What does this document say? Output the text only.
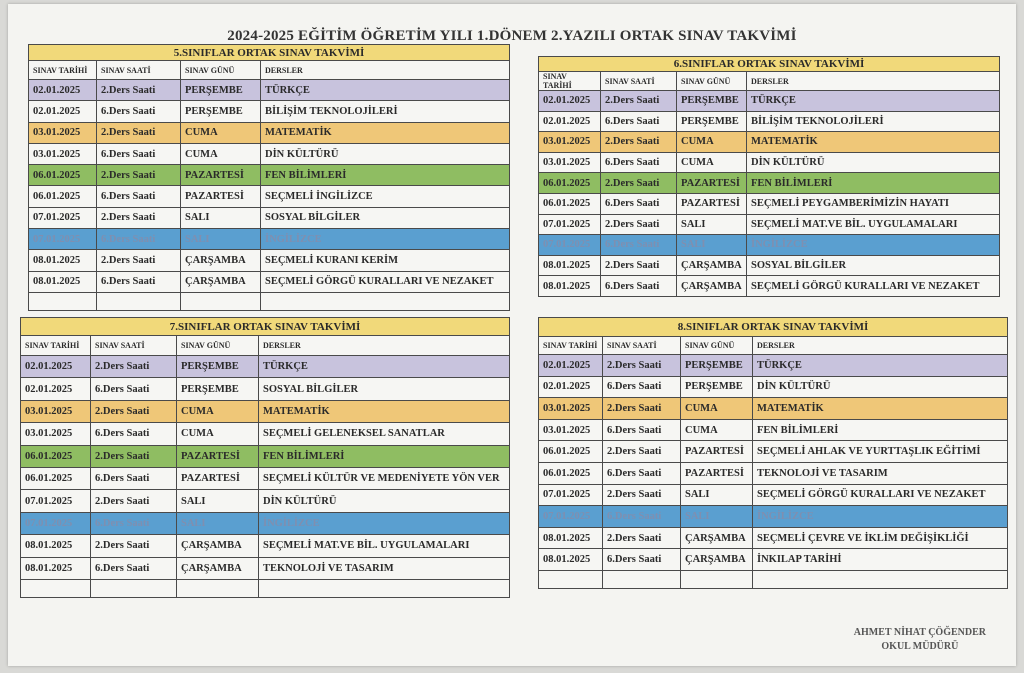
2024-2025 EĞİTİM ÖĞRETİM YILI 1.DÖNEM 2.YAZILI ORTAK SINAV TAKVİMİ
5.SINIFLAR ORTAK SINAV TAKVİMİ			
SINAV TARİHİ	SINAV SAATİ	SINAV GÜNÜ	DERSLER
02.01.2025	2.Ders Saati	PERŞEMBE	TÜRKÇE
02.01.2025	6.Ders Saati	PERŞEMBE	BİLİŞİM TEKNOLOJİLERİ
03.01.2025	2.Ders Saati	CUMA	MATEMATİK
03.01.2025	6.Ders Saati	CUMA	DİN KÜLTÜRÜ
06.01.2025	2.Ders Saati	PAZARTESİ	FEN BİLİMLERİ
06.01.2025	6.Ders Saati	PAZARTESİ	SEÇMELİ İNGİLİZCE
07.01.2025	2.Ders Saati	SALI	SOSYAL BİLGİLER
07.01.2025	6.Ders Saati	SALI	İNGİLİZCE
08.01.2025	2.Ders Saati	ÇARŞAMBA	SEÇMELİ KURANI KERİM
08.01.2025	6.Ders Saati	ÇARŞAMBA	SEÇMELİ GÖRGÜ KURALLARI VE NEZAKET

6.SINIFLAR ORTAK SINAV TAKVİMİ			
SINAV TARİHİ	SINAV SAATİ	SINAV GÜNÜ	DERSLER
02.01.2025	2.Ders Saati	PERŞEMBE	TÜRKÇE
02.01.2025	6.Ders Saati	PERŞEMBE	BİLİŞİM TEKNOLOJİLERİ
03.01.2025	2.Ders Saati	CUMA	MATEMATİK
03.01.2025	6.Ders Saati	CUMA	DİN KÜLTÜRÜ
06.01.2025	2.Ders Saati	PAZARTESİ	FEN BİLİMLERİ
06.01.2025	6.Ders Saati	PAZARTESİ	SEÇMELİ PEYGAMBERİMİZİN HAYATI
07.01.2025	2.Ders Saati	SALI	SEÇMELİ MAT.VE BİL. UYGULAMALARI
07.01.2025	6.Ders Saati	SALI	İNGİLİZCE
08.01.2025	2.Ders Saati	ÇARŞAMBA	SOSYAL BİLGİLER
08.01.2025	6.Ders Saati	ÇARŞAMBA	SEÇMELİ GÖRGÜ KURALLARI VE NEZAKET
7.SINIFLAR ORTAK SINAV TAKVİMİ			
SINAV TARİHİ	SINAV SAATİ	SINAV GÜNÜ	DERSLER
02.01.2025	2.Ders Saati	PERŞEMBE	TÜRKÇE
02.01.2025	6.Ders Saati	PERŞEMBE	SOSYAL BİLGİLER
03.01.2025	2.Ders Saati	CUMA	MATEMATİK
03.01.2025	6.Ders Saati	CUMA	SEÇMELİ GELENEKSEL SANATLAR
06.01.2025	2.Ders Saati	PAZARTESİ	FEN BİLİMLERİ
06.01.2025	6.Ders Saati	PAZARTESİ	SEÇMELİ KÜLTÜR VE MEDENİYETE YÖN VER
07.01.2025	2.Ders Saati	SALI	DİN KÜLTÜRÜ
07.01.2025	6.Ders Saati	SALI	İNGİLİZCE
08.01.2025	2.Ders Saati	ÇARŞAMBA	SEÇMELİ MAT.VE BİL. UYGULAMALARI
08.01.2025	6.Ders Saati	ÇARŞAMBA	TEKNOLOJİ VE TASARIM

8.SINIFLAR ORTAK SINAV TAKVİMİ			
SINAV TARİHİ	SINAV SAATİ	SINAV GÜNÜ	DERSLER
02.01.2025	2.Ders Saati	PERŞEMBE	TÜRKÇE
02.01.2025	6.Ders Saati	PERŞEMBE	DİN KÜLTÜRÜ
03.01.2025	2.Ders Saati	CUMA	MATEMATİK
03.01.2025	6.Ders Saati	CUMA	FEN BİLİMLERİ
06.01.2025	2.Ders Saati	PAZARTESİ	SEÇMELİ AHLAK VE YURTTAŞLIK EĞİTİMİ
06.01.2025	6.Ders Saati	PAZARTESİ	TEKNOLOJİ VE TASARIM
07.01.2025	2.Ders Saati	SALI	SEÇMELİ GÖRGÜ KURALLARI VE NEZAKET
07.01.2025	6.Ders Saati	SALI	İNGİLİZCE
08.01.2025	2.Ders Saati	ÇARŞAMBA	SEÇMELİ ÇEVRE VE İKLİM DEĞİŞİKLİĞİ
08.01.2025	6.Ders Saati	ÇARŞAMBA	İNKILAP TARİHİ

AHMET NİHAT ÇÖĞENDER
OKUL MÜDÜRÜ
